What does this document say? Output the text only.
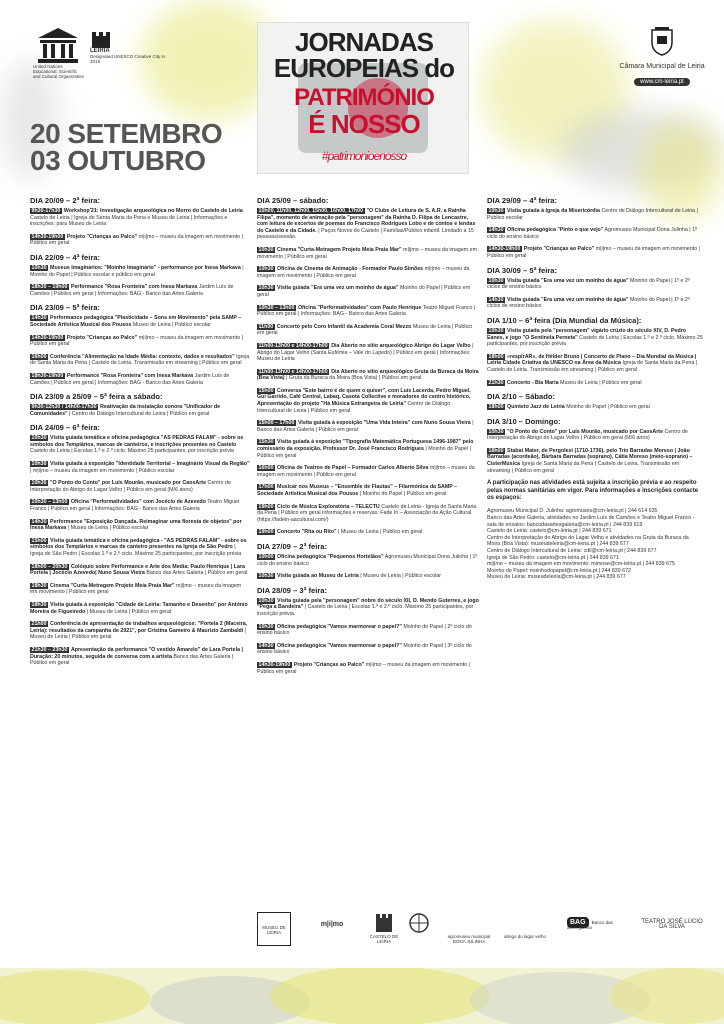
United Nations Educational, Scientific and Cultural Organization
LEIRIA
Designated UNESCO Creative City in 2019
JORNADAS
EUROPEIAS do
PATRIMÓNIO
É NOSSO
#patrimonioenosso
Câmara Municipal de Leiria
www.cm-leiria.pt
20 SETEMBRO
03 OUTUBRO
DIA 20/09 – 2ª feira:
9h30-17h30 Workshop'21: Investigação arqueológica no Morro do Castelo de Leiria Castelo de Leiria | Igreja de Santa Maria da Pena e Museu de Leiria | Informações e inscrições: para Museu de Leiria
14h30-19h00 Projeto "Crianças ao Palco" m|i|mo – museu da imagem em movimento | Público em geral
DIA 22/09 – 4ª feira:
10h30 Museus Imaginários: "Moinho Imaginário" - performance por Inesa Markava | Moinho do Papel | Público escolar e público em geral
18h30 – 19h00 Performance "Rosa Fronteira" com Inesa Markava Jardim Luís de Camões | Público em geral | Informações: BAG - Banco das Artes Galeria
DIA 23/09 – 5ª feira:
14h30 Performance pedagógica "Plasticidade – Sons em Movimento" pela SAMP – Sociedade Artística Musical dos Pousos Museu de Leiria | Público escolar
14h30-19h00 Projeto "Crianças ao Palco" m|i|mo – museu da imagem em movimento | Público em geral
16h00 Conferência "Alimentação na Idade Média: contexto, dados e resultados" Igreja de Santa Maria da Pena | Castelo de Leiria. Transmissão em streaming | Público em geral
18h30-19h00 Performance "Rosa Fronteira" com Inesa Markava Jardim Luís de Camões | Público em geral | Informações: BAG - Banco das Artes Galeria
DIA 23/09 a 25/09 – 5ª feira a sábado:
9h30-12h30 / 14h00-17h30 Reativação da instalação sonora "Unificador de Comunidades" | Centro de Diálogo Intercultural de Leiria | Público em geral
DIA 24/09 – 6ª feira:
10h30 Visita guiada temática e oficina pedagógica "AS PEDRAS FALAM" - sobre os símbolos dos Templários, marcas de canteiros, e inscrições presentes no Castelo Castelo de Leiria | Escolas 1.º e 2.º ciclo. Máximo 25 participantes, por inscrição prévia
10h30 Visita guiada à exposição "Identidade Territorial – Imaginário Visual da Região" | m|i|mo – museu da imagem em movimento | Público escolar
10h30 "O Ponto do Conto" por Luís Mourão, musicado por CaosArte Centro de Interpretação do Abrigo do Lagar Velho | Público em geral (M/6 anos)
10h30 – 13h00 Oficina "Performatividades" com Jocécio de Azevedo Teatro Miguel Franco | Público em geral | Informações: BAG - Banco das Artes Galeria
14h30 Performance "Exposição Dançada. Reimaginar uma floresta de objetos" por Inesa Markava | Museu de Leiria | Público escolar
15h00 Visita guiada temática e oficina pedagógica - "AS PEDRAS FALAM" - sobre os símbolos dos Templários e marcas de canteiro presentes na Igreja de São Pedro | Igreja de São Pedro | Escolas 1.º e 2.º ciclo. Máximo 25 participantes, por inscrição prévia
18h00 – 20h30 Colóquio sobre Performance e Arte dos Media: Paulo Henrique | Lara Portela | Jocécio Azevedo| Nuno Sousa Vieira Banco das Artes Galeria | Público em geral
18h30 Cinema "Curta-Metragem Projeto Meia Praia Mar" m|i|mo – museu da imagem em movimento | Público em geral
18h30 Visita guiada à exposição "Cidade de Leiria: Tamanho e Desenho" por António Moreira de Figueiredo | Museu de Leiria | Público em geral
21h00 Conferência de apresentação de trabalhos arqueológicos: "Portela 2 (Maceira, Leiria): resultados da campanha de 2021", por Cristina Gameiro & Maurizio Zambaldi | Museu de Leiria | Público em geral
21h30 – 23h30 Apresentação da performance "O vestido Amarelo" de Lara Portela | Duração: 20 minutos, seguida de conversa com a artista Banco das Artes Galeria | Público em geral
DIA 25/09 – sábado:
10h00, 11h00, 12h00, 15h00, 16h00, 17h00 "O Clube de Leitura de S. A.R. a Rainha Filipa", momento de animação pela "personagem" da Rainha D. Filipa de Lencastre, com leitura de excertos de poemas do Francisco Rodrigues Lobo e de contos e lendas do Castelo e da Cidade. | Paços Novos do Castelo | Famílias/Público infantil. Limitado a 15 pessoas/sessão.
10h30 Cinema "Curta-Metragem Projeto Meia Praia Mar" m|i|mo – museu da imagem em movimento | Público em geral
10h30 Oficina de Cinema de Animação - Formador Paulo Simões m|i|mo – museu da imagem em movimento | Público em geral
10h30 Visita guiada "Era uma vez um moinho de água" Moinho do Papel | Público em geral
10h30 – 13h00 Oficina "Performatividades" com Paulo Henrique Teatro Miguel Franco | Público em geral | Informações: BAG - Banco das Artes Galeria
11h00 Concerto pelo Coro Infantil da Academia Coral Mezzo Museu de Leiria | Público em geral
11h00-13h00 e 14h00-17h00 Dia Aberto no sítio arqueológico Abrigo do Lagar Velho | Abrigo do Lagar Velho (Santa Eufémia – Vale do Lapedo) | Público em geral | Informações: Museu de Leiria
11h00-13h00 e 14h00-17h00 Dia Aberto no sítio arqueológico Gruta da Buraca da Moira (Boa Vista) | Gruta da Buraca da Moira (Boa Vista) | Público em geral
15h00 Conversa "Este bairro é de quem o quiser", com Luís Lacerda, Pedro Miguel, Gui Garrido, Café Central, Labaq, Casota Collective e moradores do centro histórico. Apresentação do projeto "Há Música Estrangeira de Leiria" Centro de Diálogo Intercultural de Leiria | Público em geral
15h00 – 17h00 Visita guiada à exposição "Uma Vida Inteira" com Nuno Sousa Vieira | Banco das Artes Galeria | Público em geral
15h30 Visita guiada à exposição "Tipografia Matemática Portuguesa 1496-1987" pelo comissário da exposição, Professor Dr. José Francisco Rodrigues | Moinho do Papel | Público em geral
16h00 Oficina de Teatros de Papel – Formador Carlos Alberto Silva m|i|mo – museu da imagem em movimento | Público em geral
17h00 Musicar nos Museus – "Ensemble de Flautas" – Filarmónica da SAMP – Sociedade Artística Musical dos Pousos | Moinho do Papel | Público em geral
19h00 Ciclo de Música Exploratória – TELECTU Castelo de Leiria - Igreja de Santa Maria da Pena | Público em geral Informações e reservas: Fade In – Associação de Ação Cultural (https://fadein-aacultural.com/)
19h00 Concerto "Rita ou Rito" | Museu de Leiria | Público em geral
DIA 27/09 – 2ª feira:
10h00 Oficina pedagógica "Pequenos Hortelãos" Agromuseu Municipal Dona Julinha | 1º ciclo do ensino básico
10h30 Visita guiada ao Museu de Leiria | Museu de Leiria | Público escolar
DIA 28/09 – 3ª feira:
10h30 Visita guiada pela "personagem" nobre do século XII, D. Mendo Guterres, e jogo "Pega a Bandeira" | Castelo de Leiria | Escolas 1.º e 2.º ciclo. Máximo 25 participantes, por inscrição prévia.
10h30 Oficina pedagógica "Vamos marmorear o papel?" Moinho do Papel | 2º ciclo do ensino básico
14h30 Oficina pedagógica "Vamos marmorear o papel?" Moinho do Papel | 3º ciclo do ensino básico
14h30-19h00 Projeto "Crianças ao Palco" m|i|mo – museu da imagem em movimento | Público em geral
DIA 29/09 – 4ª feira:
10h30 Visita guiada à Igreja da Misericórdia Centro de Diálogo Intercultural de Leiria | Público escolar
14h30 Oficina pedagógica "Pinto o que vejo" Agromuseu Municipal Dona Julinha | 1º ciclo do ensino básico
14h30-19h00 Projeto "Crianças ao Palco" m|i|mo – museu da imagem em movimento | Público em geral
DIA 30/09 – 5ª feira:
10h30 Visita guiada "Era uma vez um moinho de água" Moinho do Papel | 1º e 2º ciclos de ensino básico
14h30 Visita guiada "Era uma vez um moinho de água" Moinho do Papel | 1º e 2º ciclos de ensino básico
DIA 1/10 – 6ª feira (Dia Mundial da Música):
10h30 Visita guiada pela "personagem" vigário crúzio do século XIV, D. Pedro Eanes, e jogo "O Sentinela Perneta" Castelo de Leiria | Escolas 1.º e 2.º ciclo. Máximo 25 participantes, por inscrição prévia
18h00 «respirAR», de Hélder Bruno | Concerto de Piano – Dia Mundial da Música | Leiria Cidade Criativa da UNESCO na Área da Música Igreja de Santa Maria da Pena | Castelo de Leiria. Transmissão em streaming | Público em geral
21h30 Concerto - Bia Maria Museu de Leiria | Público em geral
DIA 2/10 – Sábado:
18h00 Quinteto Jazz de Leiria Moinho do Papel | Público em geral
DIA 3/10 – Domingo:
10h30 "O Ponto do Conto" por Luís Mourão, musicado por CaosArte Centro de Interpretação do Abrigo do Lagar Velho | Público em geral (M/6 anos)
18h00 Stabat Mater, de Pergolesi (1710-1736), pelo Trio Barradas Moreso | João Barradas (acordeão), Bárbara Barradas (soprano), Cátia Moreso (meio-soprano) – CisterMúsica Igreja de Santa Maria da Pena | Castelo de Leiria. Transmissão em streaming | Público em geral
A participação nas atividades está sujeita a inscrição prévia e ao respeito pelas normas sanitárias em vigor. Para informações e inscrições contacte os espaços:
Agromuseu Municipal D. Julinha: agromuseu@cm-leiria.pt | 244 614 635
Banco das Artes Galeria, atividades no Jardim Luís de Camões e Teatro Miguel Franco - sala de ensaios: bancodasartesgaleria@cm-leiria.pt | 244 839 619
Castelo de Leiria: castelo@cm-leiria.pt | 244 839 671
Centro de Interpretação do Abrigo do Lagar Velho e atividades na Gruta da Buraca da Moira (Boa Vista): museudeleiria@cm-leiria.pt | 244 839 677
Centro de Diálogo Intercultural de Leiria: cdil@cm-leiria.pt | 244 839 677
Igreja de São Pedro: castelo@cm-leiria.pt | 244 839 671
m|i|mo – museu da imagem em movimento: mimose@cm-leiria.pt | 244 839 675
Moinho do Papel: moinhodopapel@cm-leiria.pt | 244 839 672
Museu de Leiria: museudeleiria@cm-leiria.pt | 244 839 677
MUSEU DE LEIRIA
m|i|mo
CASTELO DE LEIRIA
agromuseu municipal DONA JULINHA
abrigo do lagar velho
BAG Banco das artes galeria
TEATRO JOSÉ LÚCIO DA SILVA
